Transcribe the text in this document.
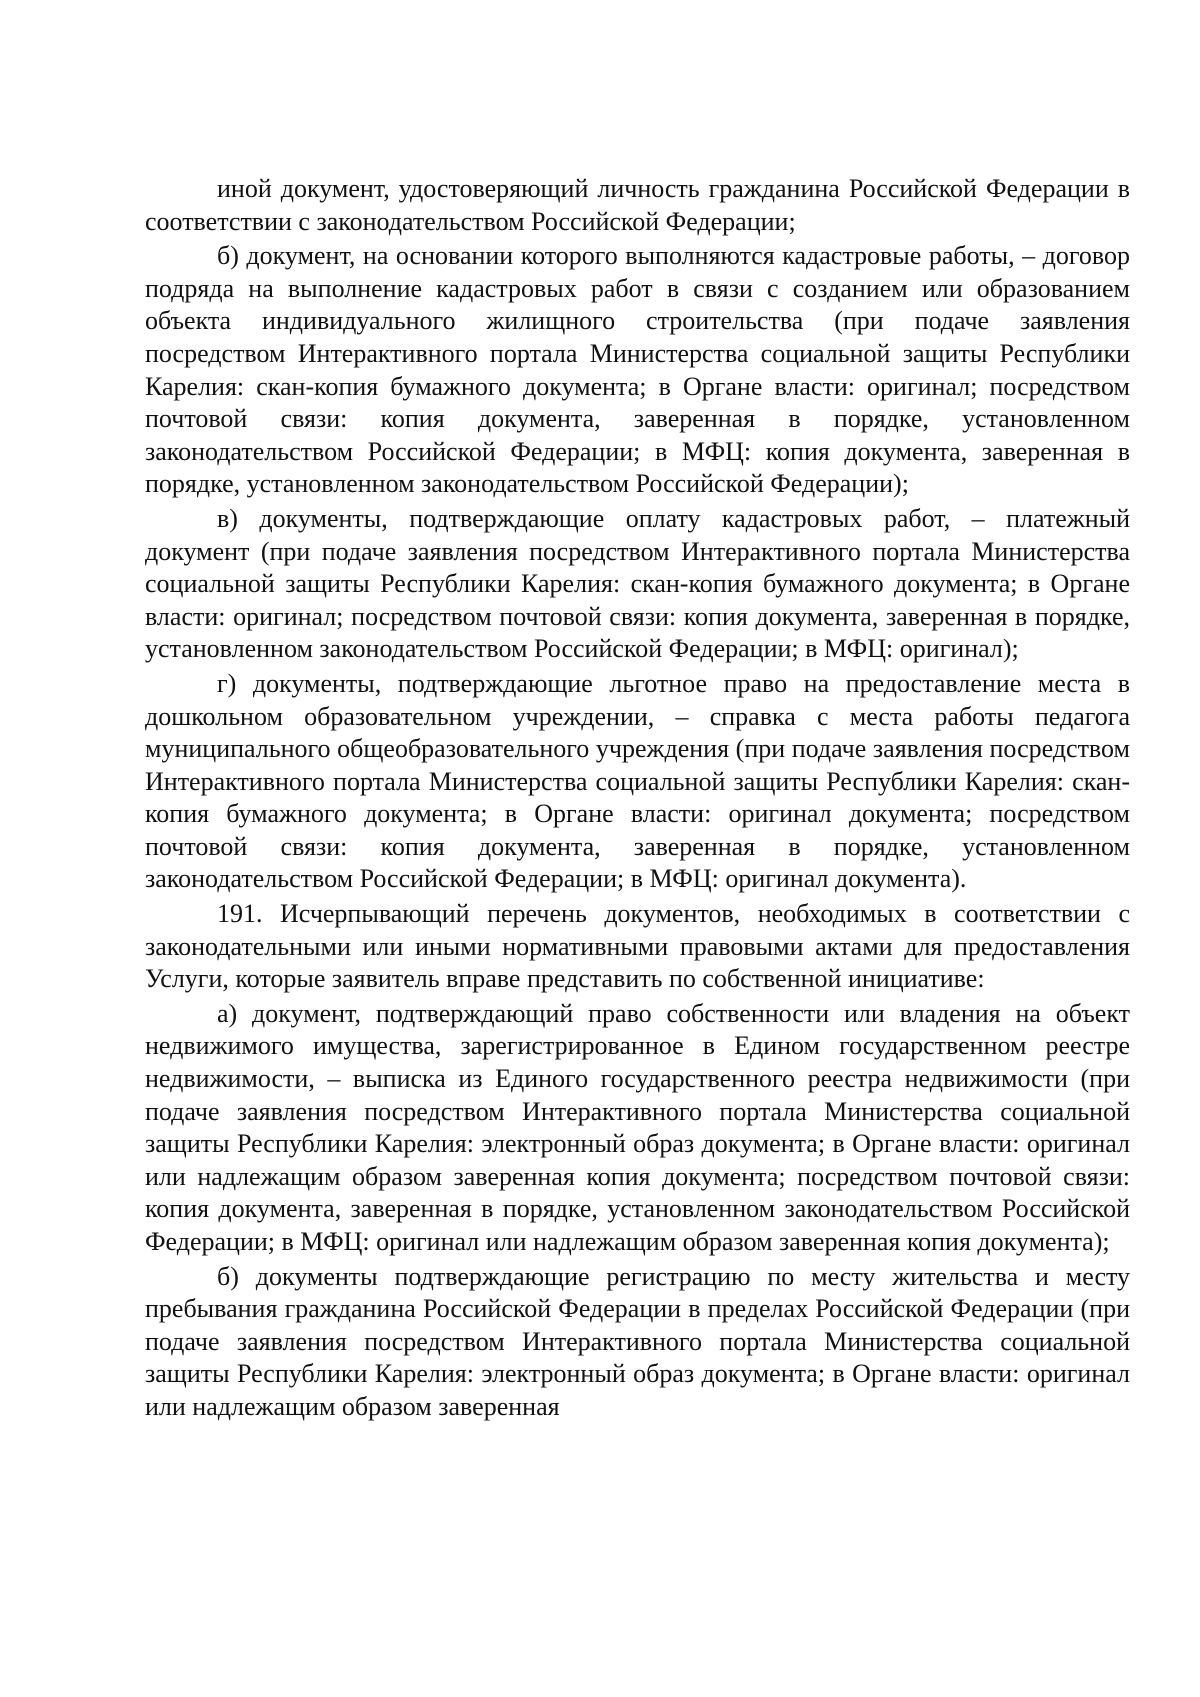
иной документ, удостоверяющий личность гражданина Российской Федерации в соответствии с законодательством Российской Федерации;

б) документ, на основании которого выполняются кадастровые работы, – договор подряда на выполнение кадастровых работ в связи с созданием или образованием объекта индивидуального жилищного строительства (при подаче заявления посредством Интерактивного портала Министерства социальной защиты Республики Карелия: скан-копия бумажного документа; в Органе власти: оригинал; посредством почтовой связи: копия документа, заверенная в порядке, установленном законодательством Российской Федерации; в МФЦ: копия документа, заверенная в порядке, установленном законодательством Российской Федерации);

в) документы, подтверждающие оплату кадастровых работ, – платежный документ (при подаче заявления посредством Интерактивного портала Министерства социальной защиты Республики Карелия: скан-копия бумажного документа; в Органе власти: оригинал; посредством почтовой связи: копия документа, заверенная в порядке, установленном законодательством Российской Федерации; в МФЦ: оригинал);

г) документы, подтверждающие льготное право на предоставление места в дошкольном образовательном учреждении, – справка с места работы педагога муниципального общеобразовательного учреждения (при подаче заявления посредством Интерактивного портала Министерства социальной защиты Республики Карелия: скан-копия бумажного документа; в Органе власти: оригинал документа; посредством почтовой связи: копия документа, заверенная в порядке, установленном законодательством Российской Федерации; в МФЦ: оригинал документа).

191. Исчерпывающий перечень документов, необходимых в соответствии с законодательными или иными нормативными правовыми актами для предоставления Услуги, которые заявитель вправе представить по собственной инициативе:

а) документ, подтверждающий право собственности или владения на объект недвижимого имущества, зарегистрированное в Едином государственном реестре недвижимости, – выписка из Единого государственного реестра недвижимости (при подаче заявления посредством Интерактивного портала Министерства социальной защиты Республики Карелия: электронный образ документа; в Органе власти: оригинал или надлежащим образом заверенная копия документа; посредством почтовой связи: копия документа, заверенная в порядке, установленном законодательством Российской Федерации; в МФЦ: оригинал или надлежащим образом заверенная копия документа);

б) документы подтверждающие регистрацию по месту жительства и месту пребывания гражданина Российской Федерации в пределах Российской Федерации (при подаче заявления посредством Интерактивного портала Министерства социальной защиты Республики Карелия: электронный образ документа; в Органе власти: оригинал или надлежащим образом заверенная
